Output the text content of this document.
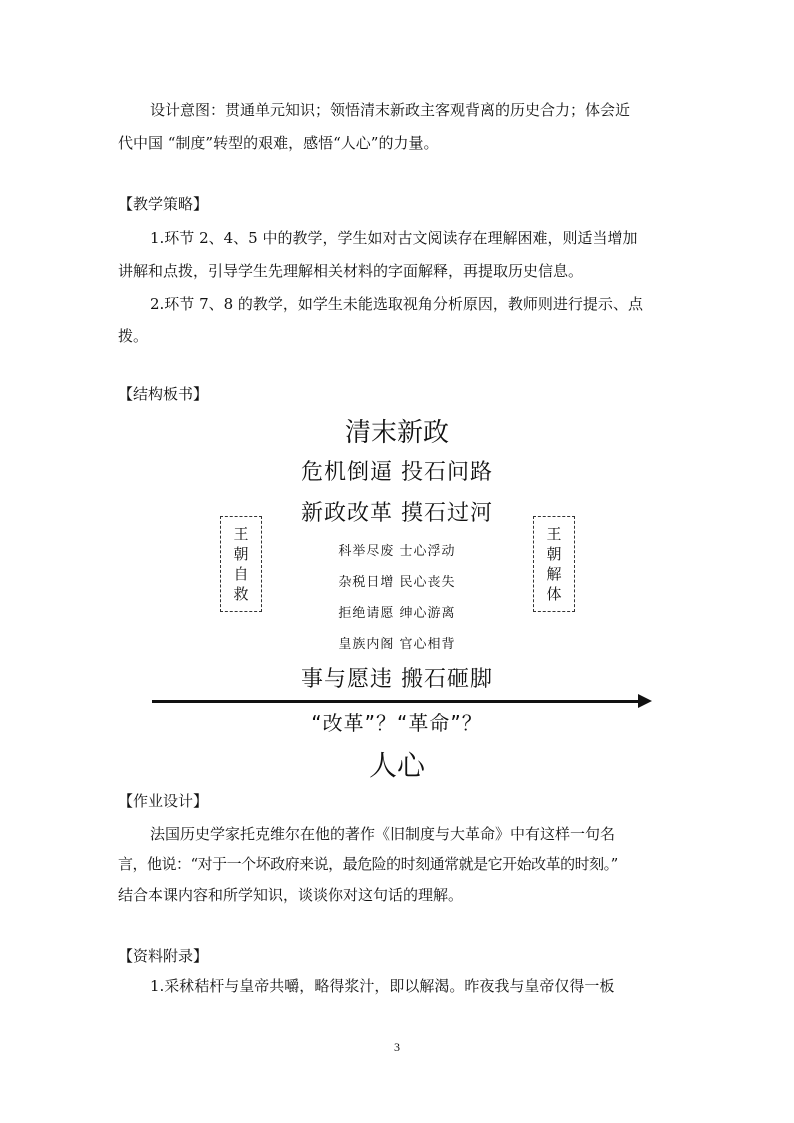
设计意图：贯通单元知识；领悟清末新政主客观背离的历史合力；体会近

代中国 “制度”转型的艰难，感悟“人心”的力量。

【教学策略】

1.环节 2、4、5 中的教学，学生如对古文阅读存在理解困难，则适当增加

讲解和点拨，引导学生先理解相关材料的字面解释，再提取历史信息。

2.环节 7、8 的教学，如学生未能选取视角分析原因，教师则进行提示、点

拨。

【结构板书】

清末新政
危机倒逼 投石问路
新政改革 摸石过河
科举尽废 士心浮动
杂税日增 民心丧失
拒绝请愿 绅心游离
皇族内阁 官心相背
王
朝
自
救
王
朝
解
体
事与愿违 搬石砸脚
“改革”？“革命”？
人心

【作业设计】

法国历史学家托克维尔在他的著作《旧制度与大革命》中有这样一句名

言，他说：“对于一个坏政府来说，最危险的时刻通常就是它开始改革的时刻。”

结合本课内容和所学知识，谈谈你对这句话的理解。

【资料附录】

1.采秫秸杆与皇帝共嚼，略得浆汁，即以解渴。昨夜我与皇帝仅得一板

3
